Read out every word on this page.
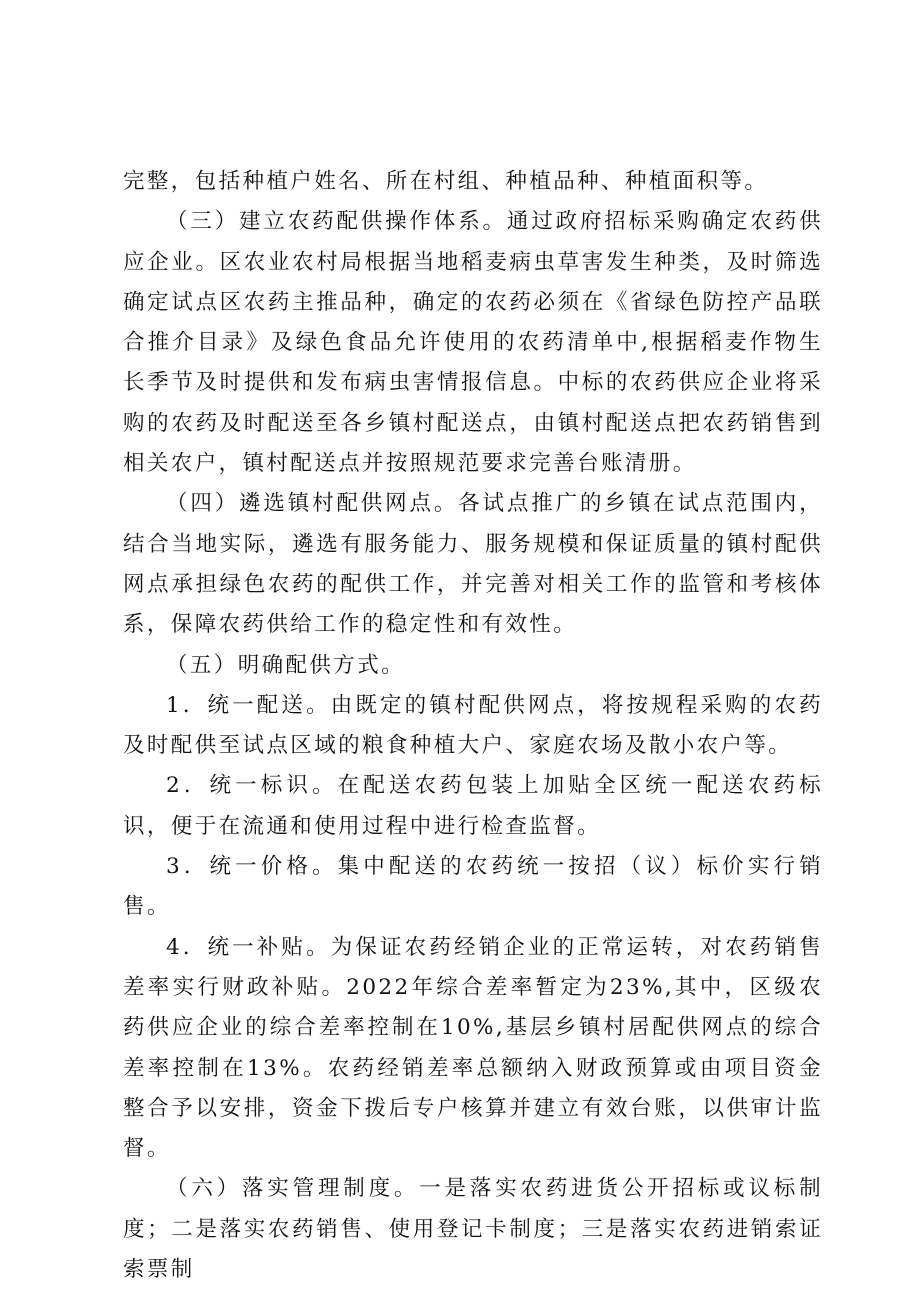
完整，包括种植户姓名、所在村组、种植品种、种植面积等。

（三）建立农药配供操作体系。通过政府招标采购确定农药供应企业。区农业农村局根据当地稻麦病虫草害发生种类，及时筛选确定试点区农药主推品种，确定的农药必须在《省绿色防控产品联合推介目录》及绿色食品允许使用的农药清单中,根据稻麦作物生长季节及时提供和发布病虫害情报信息。中标的农药供应企业将采购的农药及时配送至各乡镇村配送点，由镇村配送点把农药销售到相关农户，镇村配送点并按照规范要求完善台账清册。

（四）遴选镇村配供网点。各试点推广的乡镇在试点范围内，结合当地实际，遴选有服务能力、服务规模和保证质量的镇村配供网点承担绿色农药的配供工作，并完善对相关工作的监管和考核体系，保障农药供给工作的稳定性和有效性。

（五）明确配供方式。

1．统一配送。由既定的镇村配供网点，将按规程采购的农药及时配供至试点区域的粮食种植大户、家庭农场及散小农户等。

2．统一标识。在配送农药包装上加贴全区统一配送农药标识，便于在流通和使用过程中进行检查监督。

3．统一价格。集中配送的农药统一按招（议）标价实行销售。

4．统一补贴。为保证农药经销企业的正常运转，对农药销售差率实行财政补贴。2022年综合差率暂定为23%,其中，区级农药供应企业的综合差率控制在10%,基层乡镇村居配供网点的综合差率控制在13%。农药经销差率总额纳入财政预算或由项目资金整合予以安排，资金下拨后专户核算并建立有效台账，以供审计监督。

（六）落实管理制度。一是落实农药进货公开招标或议标制度；二是落实农药销售、使用登记卡制度；三是落实农药进销索证索票制
